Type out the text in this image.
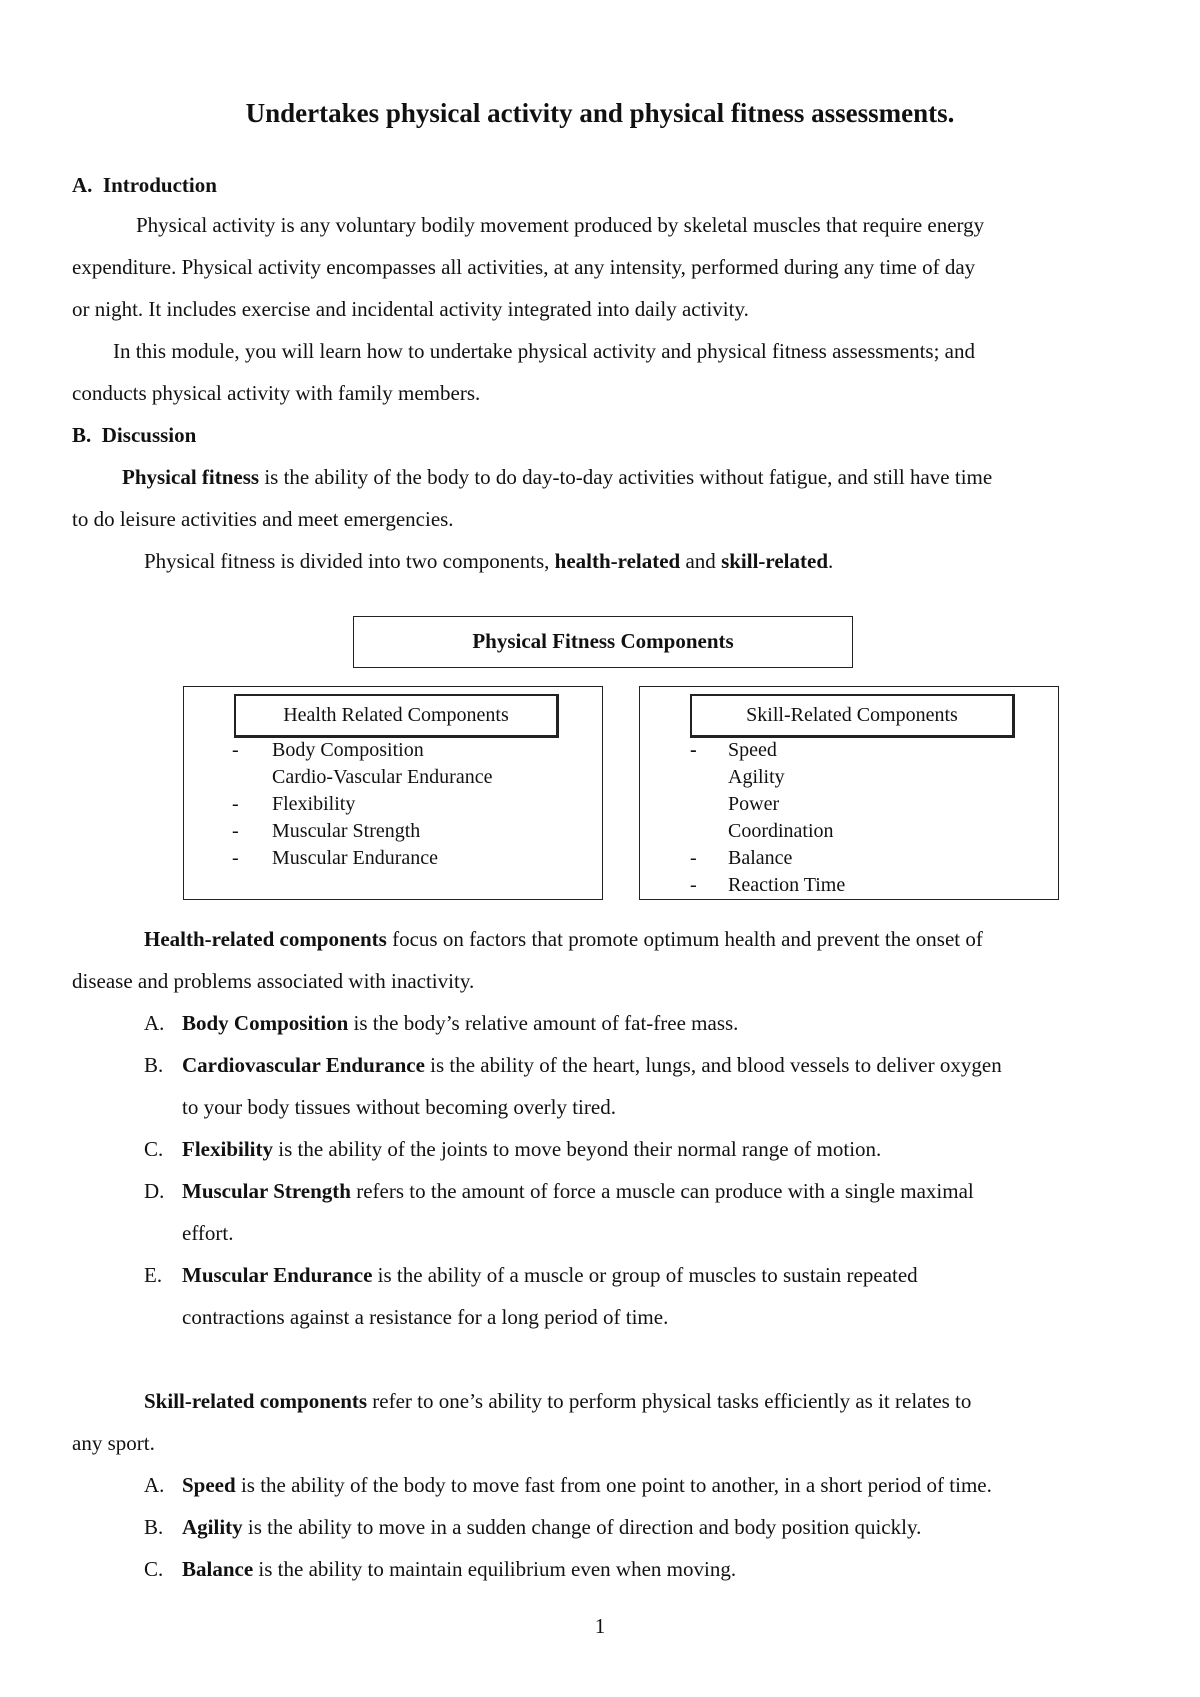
Undertakes physical activity and physical fitness assessments.
A. Introduction
Physical activity is any voluntary bodily movement produced by skeletal muscles that require energy
expenditure. Physical activity encompasses all activities, at any intensity, performed during any time of day
or night. It includes exercise and incidental activity integrated into daily activity.
In this module, you will learn how to undertake physical activity and physical fitness assessments; and
conducts physical activity with family members.
B. Discussion
Physical fitness is the ability of the body to do day-to-day activities without fatigue, and still have time
to do leisure activities and meet emergencies.
Physical fitness is divided into two components, health-related and skill-related.
Physical Fitness Components
Health Related Components
- Body Composition
Cardio-Vascular Endurance
- Flexibility
- Muscular Strength
- Muscular Endurance
Skill-Related Components
- Speed
Agility
Power
Coordination
- Balance
- Reaction Time
Health-related components focus on factors that promote optimum health and prevent the onset of
disease and problems associated with inactivity.
A. Body Composition is the body’s relative amount of fat-free mass.
B. Cardiovascular Endurance is the ability of the heart, lungs, and blood vessels to deliver oxygen
to your body tissues without becoming overly tired.
C. Flexibility is the ability of the joints to move beyond their normal range of motion.
D. Muscular Strength refers to the amount of force a muscle can produce with a single maximal
effort.
E. Muscular Endurance is the ability of a muscle or group of muscles to sustain repeated
contractions against a resistance for a long period of time.
Skill-related components refer to one’s ability to perform physical tasks efficiently as it relates to
any sport.
A. Speed is the ability of the body to move fast from one point to another, in a short period of time.
B. Agility is the ability to move in a sudden change of direction and body position quickly.
C. Balance is the ability to maintain equilibrium even when moving.
1
